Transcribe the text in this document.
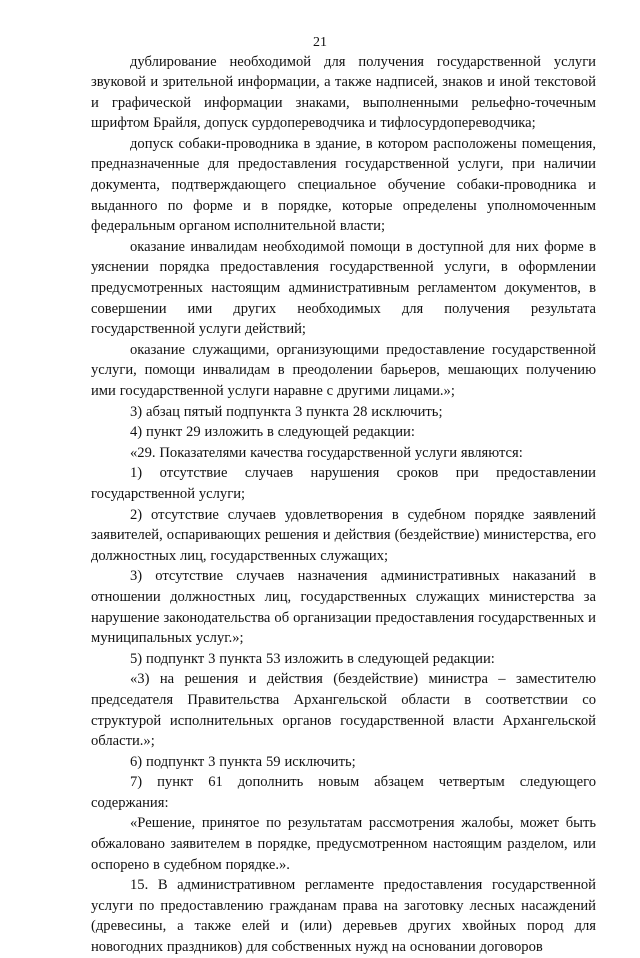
21

дублирование необходимой для получения государственной услуги звуковой и зрительной информации, а также надписей, знаков и иной текстовой и графической информации знаками, выполненными рельефно-точечным шрифтом Брайля, допуск сурдопереводчика и тифлосурдопереводчика;

допуск собаки-проводника в здание, в котором расположены помещения, предназначенные для предоставления государственной услуги, при наличии документа, подтверждающего специальное обучение собаки-проводника и выданного по форме и в порядке, которые определены уполномоченным федеральным органом исполнительной власти;

оказание инвалидам необходимой помощи в доступной для них форме в уяснении порядка предоставления государственной услуги, в оформлении предусмотренных настоящим административным регламентом документов, в совершении ими других необходимых для получения результата государственной услуги действий;

оказание служащими, организующими предоставление государственной услуги, помощи инвалидам в преодолении барьеров, мешающих получению ими государственной услуги наравне с другими лицами.»;

3) абзац пятый подпункта 3 пункта 28 исключить;

4) пункт 29 изложить в следующей редакции:

«29. Показателями качества государственной услуги являются:

1) отсутствие случаев нарушения сроков при предоставлении государственной услуги;

2) отсутствие случаев удовлетворения в судебном порядке заявлений заявителей, оспаривающих решения и действия (бездействие) министерства, его должностных лиц, государственных служащих;

3) отсутствие случаев назначения административных наказаний в отношении должностных лиц, государственных служащих министерства за нарушение законодательства об организации предоставления государственных и муниципальных услуг.»;

5) подпункт 3 пункта 53 изложить в следующей редакции:

«3) на решения и действия (бездействие) министра – заместителю председателя Правительства Архангельской области в соответствии со структурой исполнительных органов государственной власти Архангельской области.»;

6) подпункт 3 пункта 59 исключить;

7) пункт 61 дополнить новым абзацем четвертым следующего содержания:

«Решение, принятое по результатам рассмотрения жалобы, может быть обжаловано заявителем в порядке, предусмотренном настоящим разделом, или оспорено в судебном порядке.».

15. В административном регламенте предоставления государственной услуги по предоставлению гражданам права на заготовку лесных насаждений (древесины, а также елей и (или) деревьев других хвойных пород для новогодних праздников) для собственных нужд на основании договоров
